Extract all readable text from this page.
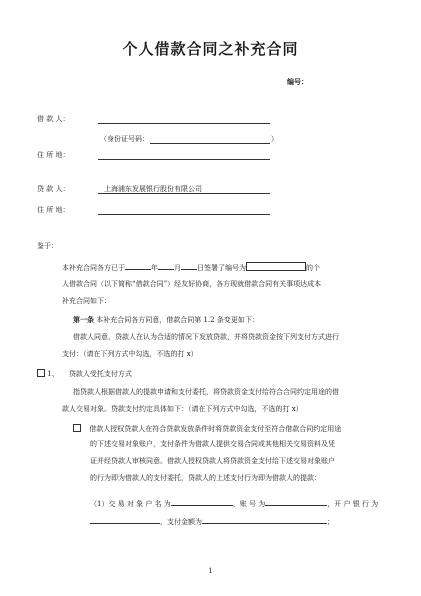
个人借款合同之补充合同
编号：
借 款 人：
（身份证号码：	）
住 所 地：
贷 款 人：	上海浦东发展银行股份有限公司
住 所 地：
鉴于：
本补充合同各方已于	年 月 日签署了编号为	的个
人借款合同（以下简称“借款合同”）经友好协商，各方现就借款合同有关事项达成本
补充合同如下：
第一条 本补充合同各方同意，借款合同第 1.2 条变更如下：
借款人同意，贷款人在认为合适的情况下发放贷款，并将贷款资金按下列支付方式进行
支付：（请在下列方式中勾选，不选的打 x）
1、 贷款人受托支付方式
指贷款人根据借款人的提款申请和支付委托，将贷款资金支付给符合合同约定用途的借
款人交易对象。贷款支付约定具体如下：（请在下列方式中勾选，不选的打 x）
借款人授权贷款人在符合贷款发放条件时将贷款资金支付至符合借款合同约定用途
的下述交易对象账户，支付条件为借款人提供交易合同或其他相关交易资料及凭
证并经贷款人审核同意。借款人授权贷款人将贷款资金支付给下述交易对象账户
的行为即为借款人的支付委托，贷款人的上述支付行为即为借款人的提款：
（1）交 易 对 象 户 名 为	，账 号 为	，开 户 银 行 为
，支付金额为	；
1
